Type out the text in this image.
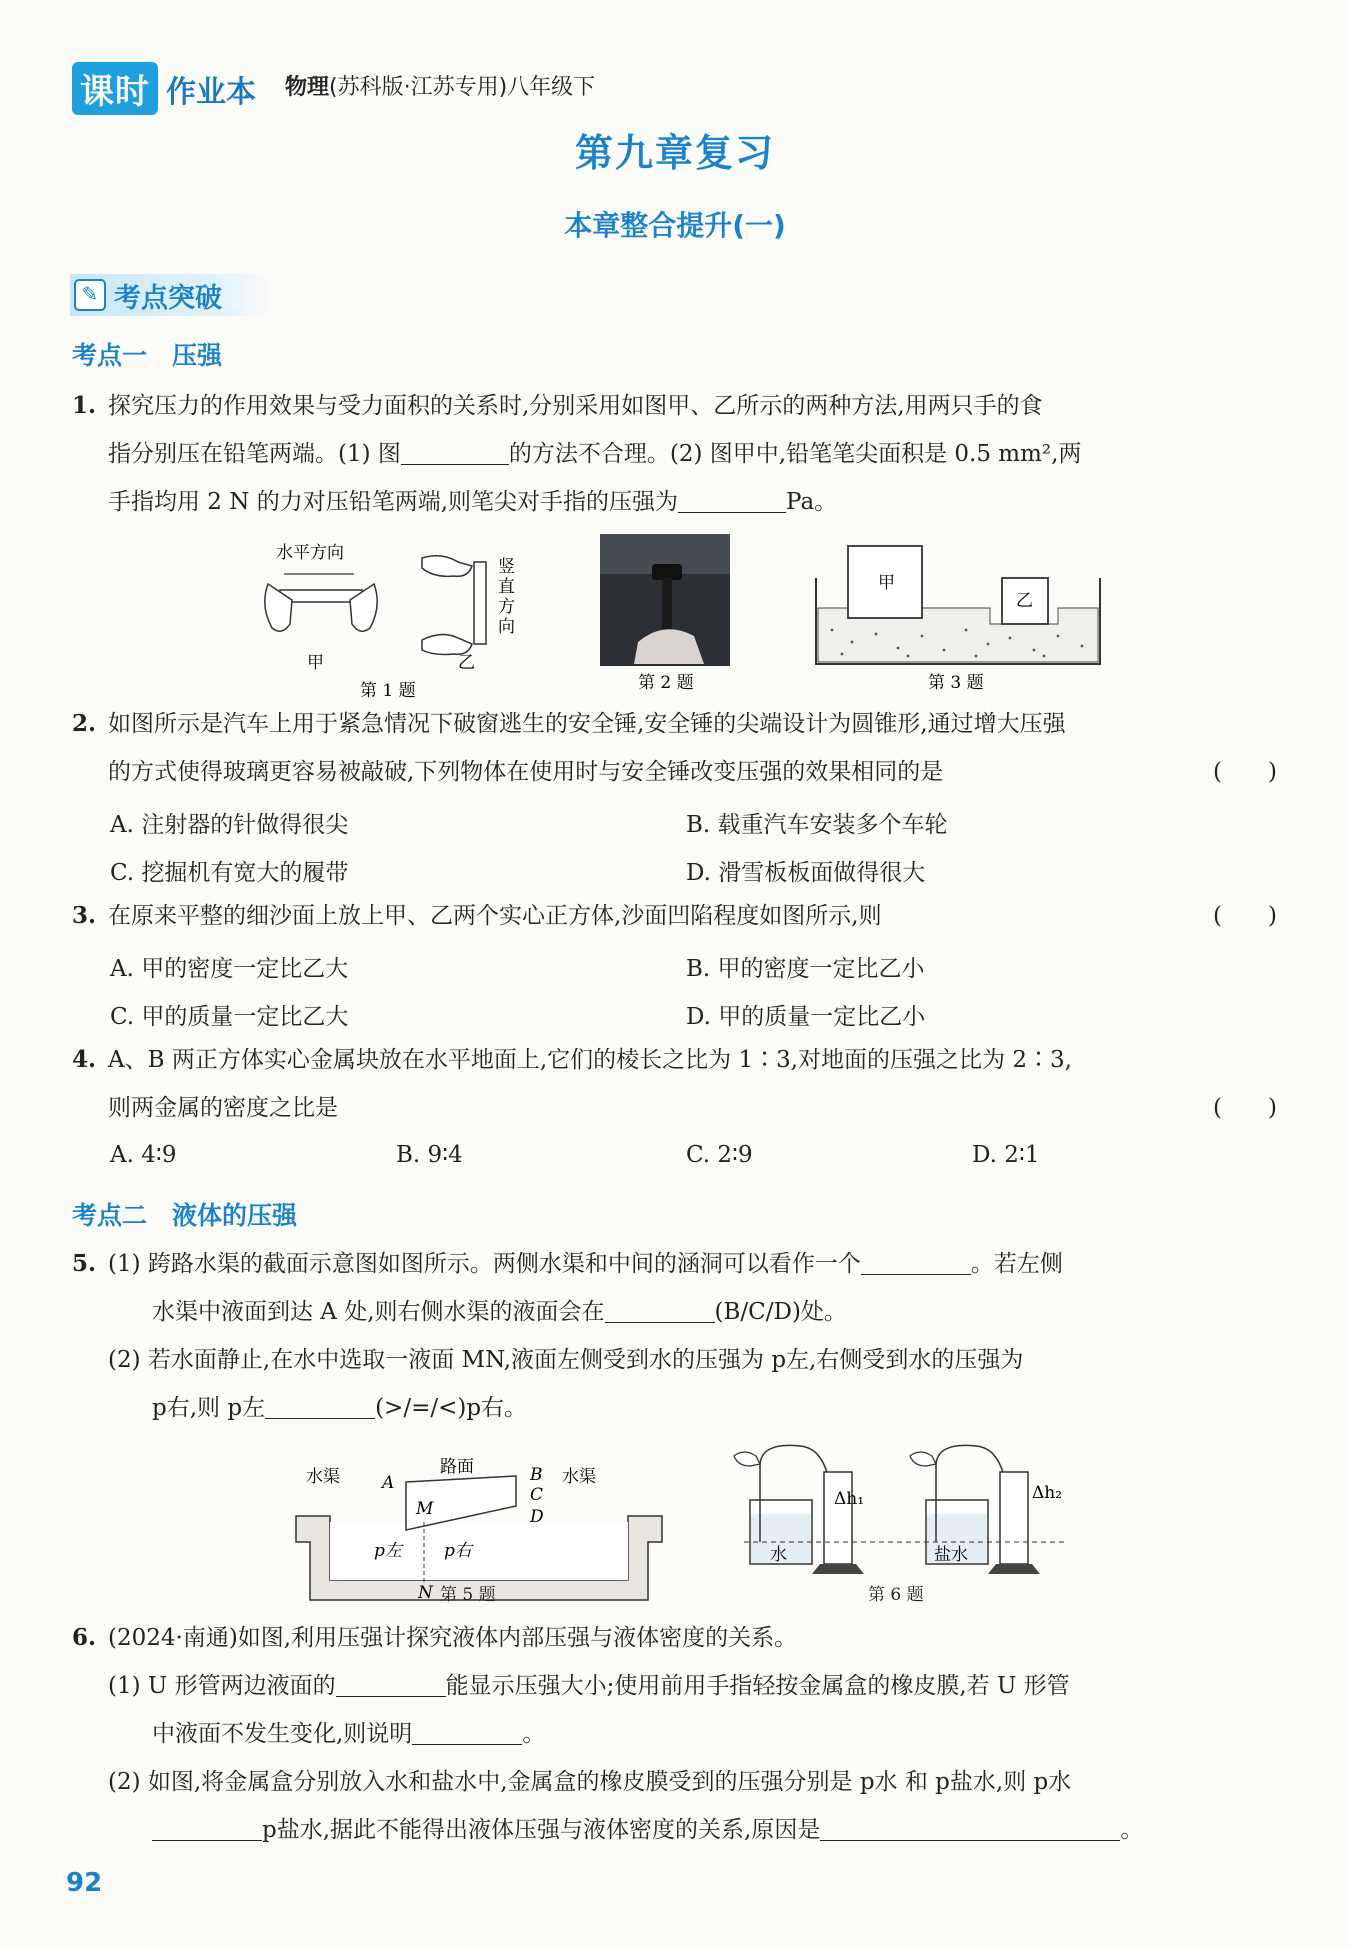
课时 作业本 物理(苏科版·江苏专用)八年级下
第九章复习
本章整合提升(一)
✎ 考点突破
考点一　压强
1. 探究压力的作用效果与受力面积的关系时,分别采用如图甲、乙所示的两种方法,用两只手的食
指分别压在铅笔两端。(1) 图	的方法不合理。(2) 图甲中,铅笔笔尖面积是 0.5 mm²,两
手指均用 2 N 的力对压铅笔两端,则笔尖对手指的压强为	Pa。
水平方向
甲
竖
直
方
向
乙
第 1 题	第 2 题
甲
乙
第 3 题
2. 如图所示是汽车上用于紧急情况下破窗逃生的安全锤,安全锤的尖端设计为圆锥形,通过增大压强
的方式使得玻璃更容易被敲破,下列物体在使用时与安全锤改变压强的效果相同的是	(　　)
A. 注射器的针做得很尖	B. 载重汽车安装多个车轮
C. 挖掘机有宽大的履带	D. 滑雪板板面做得很大
3. 在原来平整的细沙面上放上甲、乙两个实心正方体,沙面凹陷程度如图所示,则	(　　)
A. 甲的密度一定比乙大	B. 甲的密度一定比乙小
C. 甲的质量一定比乙大	D. 甲的质量一定比乙小
4. A、B 两正方体实心金属块放在水平地面上,它们的棱长之比为 1∶3,对地面的压强之比为 2∶3,
则两金属的密度之比是	(　　)
A. 4∶9	B. 9∶4	C. 2∶9	D. 2∶1
考点二　液体的压强
5. (1) 跨路水渠的截面示意图如图所示。两侧水渠和中间的涵洞可以看作一个	。若左侧
水渠中液面到达 A 处,则右侧水渠的液面会在	(B/C/D)处。
(2) 若水面静止,在水中选取一液面 MN,液面左侧受到水的压强为 p左,右侧受到水的压强为
p右,则 p左	(>/=/<)p右。
水渠	水渠
路面
A	B
C
D
M
N
p左 p右
第 5 题
Δh₁
水
Δh₂
盐水
第 6 题
6. (2024·南通)如图,利用压强计探究液体内部压强与液体密度的关系。
(1) U 形管两边液面的	能显示压强大小;使用前用手指轻按金属盒的橡皮膜,若 U 形管
中液面不发生变化,则说明	。
(2) 如图,将金属盒分别放入水和盐水中,金属盒的橡皮膜受到的压强分别是 p水 和 p盐水,则 p水
p盐水,据此不能得出液体压强与液体密度的关系,原因是	。
92
